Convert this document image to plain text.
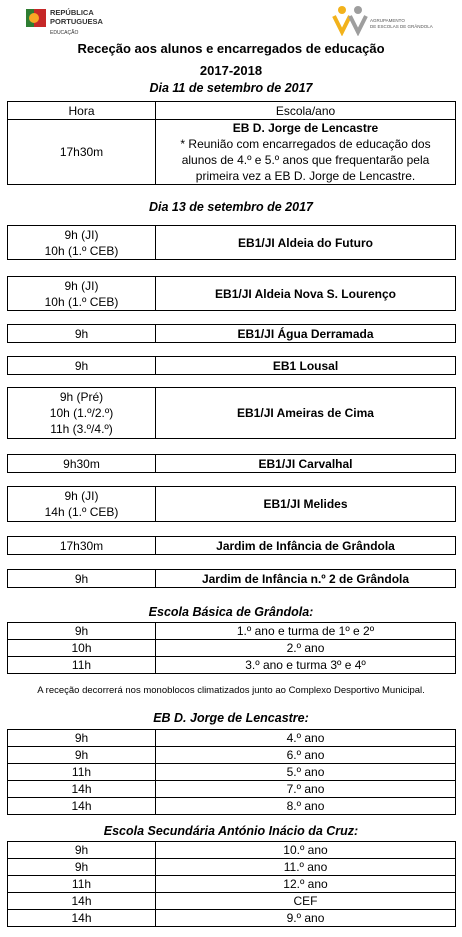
REPÚBLICA
PORTUGUESA
EDUCAÇÃO
AGRUPAMENTO
DE ESCOLAS DE GRÂNDOLA
Receção aos alunos e encarregados de educação
2017-2018
Dia 11 de setembro de 2017
Hora	Escola/ano
17h30m	EB D. Jorge de Lencastre
* Reunião com encarregados de educação dos
alunos de 4.º e 5.º anos que frequentarão pela
primeira vez a EB D. Jorge de Lencastre.
Dia 13 de setembro de 2017
9h (JI)
10h (1.º CEB)
	EB1/JI Aldeia do Futuro
9h (JI)
10h (1.º CEB)
	EB1/JI Aldeia Nova S. Lourenço
9h	EB1/JI Água Derramada
9h	EB1 Lousal
9h (Pré)
10h (1.º/2.º)
11h (3.º/4.º)
	EB1/JI Ameiras de Cima
9h30m	EB1/JI Carvalhal
9h (JI)
14h (1.º CEB)
	EB1/JI Melides
17h30m	Jardim de Infância de Grândola
9h	Jardim de Infância n.º 2 de Grândola
Escola Básica de Grândola:
9h	1.º ano e turma de 1º e 2º
10h	2.º ano
11h	3.º ano e turma 3º e 4º
A receção decorrerá nos monoblocos climatizados junto ao Complexo Desportivo Municipal.
EB D. Jorge de Lencastre:
9h	4.º ano
9h	6.º ano
11h	5.º ano
14h	7.º ano
14h	8.º ano
Escola Secundária António Inácio da Cruz:
9h	10.º ano
9h	11.º ano
11h	12.º ano
14h	CEF
14h	9.º ano
